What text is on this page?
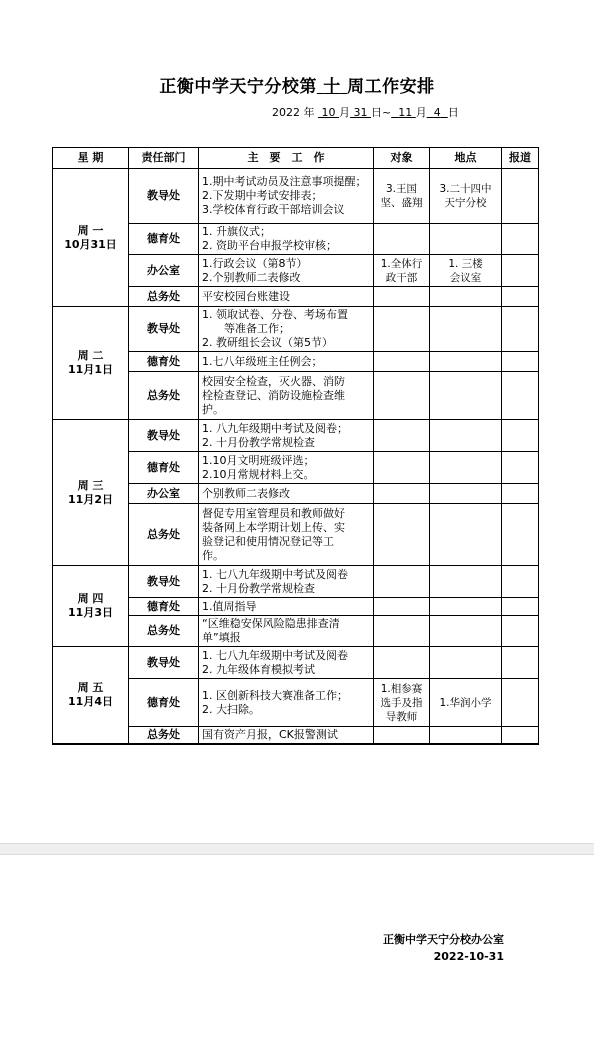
正衡中学天宁分校第 十 周工作安排
2022 年 10 月 31 日~ 11 月 4 日
星 期	责任部门	主　要　工　作	对象	地点	报道

周 一
10月31日	教导处	1.期中考试动员及注意事项提醒；
2.下发期中考试安排表；
3.学校体育行政干部培训会议	3.王国
坚、盛翔	3.二十四中
天宁分校	

	德育处	1. 升旗仪式；
2. 资助平台申报学校审核；			

	办公室	1.行政会议（第8节）
2.个别教师二表修改	1.全体行
政干部	1. 三楼
会议室	

	总务处	平安校园台账建设			

周 二
11月1日	教导处	1. 领取试卷、分卷、考场布置
　　等准备工作；
2. 教研组长会议（第5节）			

	德育处	1.七八年级班主任例会；			

	总务处	校园安全检查，灭火器、消防
栓检查登记、消防设施检查维
护。			

周 三
11月2日	教导处	1. 八九年级期中考试及阅卷；
2. 十月份教学常规检查			

	德育处	1.10月文明班级评选；
2.10月常规材料上交。			

	办公室	个别教师二表修改			

	总务处	督促专用室管理员和教师做好
装备网上本学期计划上传、实
验登记和使用情况登记等工
作。			

周 四
11月3日	教导处	1. 七八九年级期中考试及阅卷
2. 十月份教学常规检查			

	德育处	1.值周指导			

	总务处	“区维稳安保风险隐患排查清
单”填报			

周 五
11月4日	教导处	1. 七八九年级期中考试及阅卷
2. 九年级体育模拟考试			

	德育处	1. 区创新科技大赛准备工作；
2. 大扫除。	1.相参赛
选手及指
导教师	1.华润小学	

	总务处	国有资产月报，CK报警测试			

正衡中学天宁分校办公室
2022-10-31
